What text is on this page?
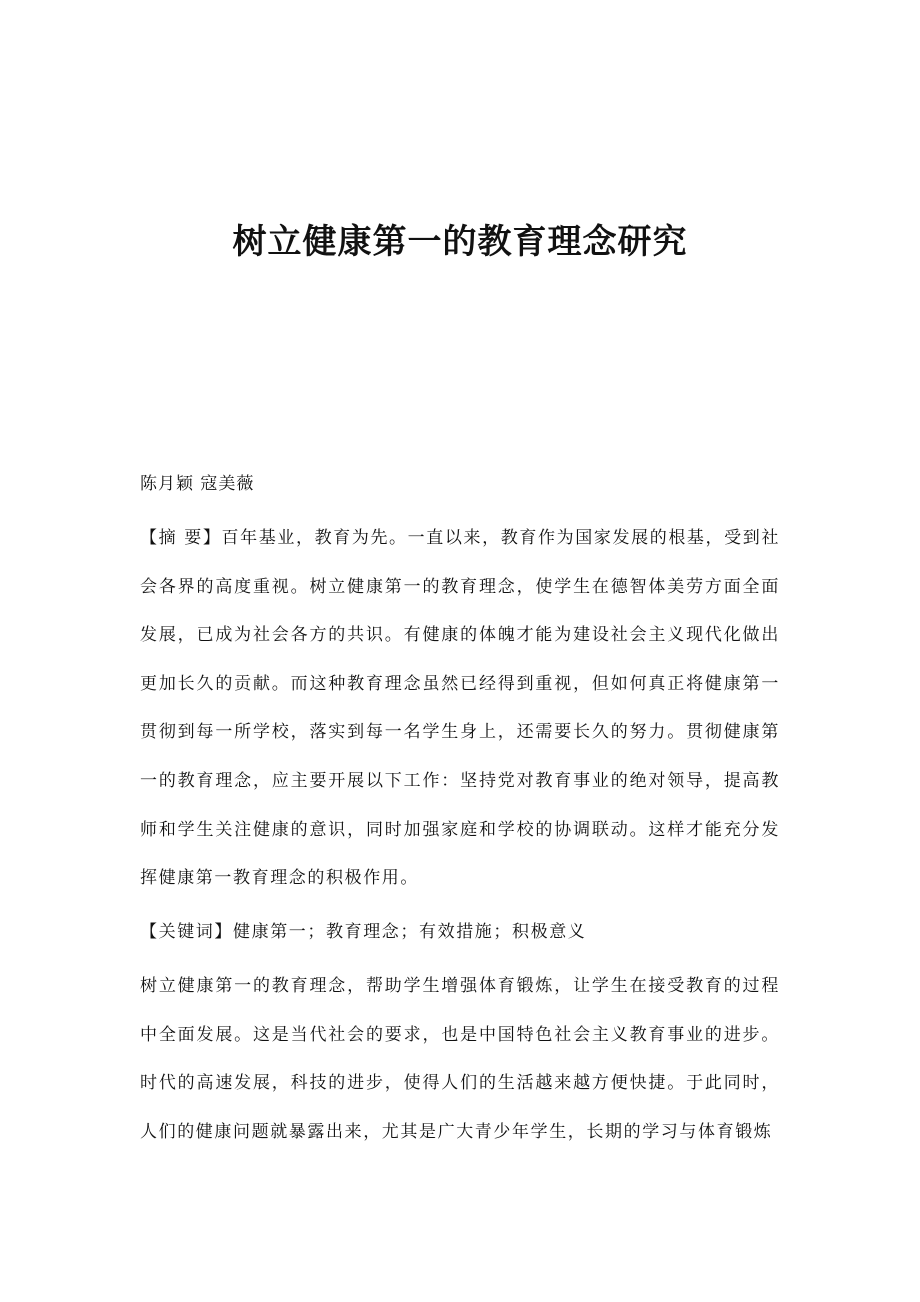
树立健康第一的教育理念研究
陈月颖 寇美薇

【摘 要】百年基业，教育为先。一直以来，教育作为国家发展的根基，受到社会各界的高度重视。树立健康第一的教育理念，使学生在德智体美劳方面全面发展，已成为社会各方的共识。有健康的体魄才能为建设社会主义现代化做出更加长久的贡献。而这种教育理念虽然已经得到重视，但如何真正将健康第一贯彻到每一所学校，落实到每一名学生身上，还需要长久的努力。贯彻健康第一的教育理念，应主要开展以下工作：坚持党对教育事业的绝对领导，提高教师和学生关注健康的意识，同时加强家庭和学校的协调联动。这样才能充分发挥健康第一教育理念的积极作用。

【关键词】健康第一；教育理念；有效措施；积极意义

树立健康第一的教育理念，帮助学生增强体育锻炼，让学生在接受教育的过程中全面发展。这是当代社会的要求，也是中国特色社会主义教育事业的进步。时代的高速发展，科技的进步，使得人们的生活越来越方便快捷。于此同时，人们的健康问题就暴露出来，尤其是广大青少年学生，长期的学习与体育锻炼
